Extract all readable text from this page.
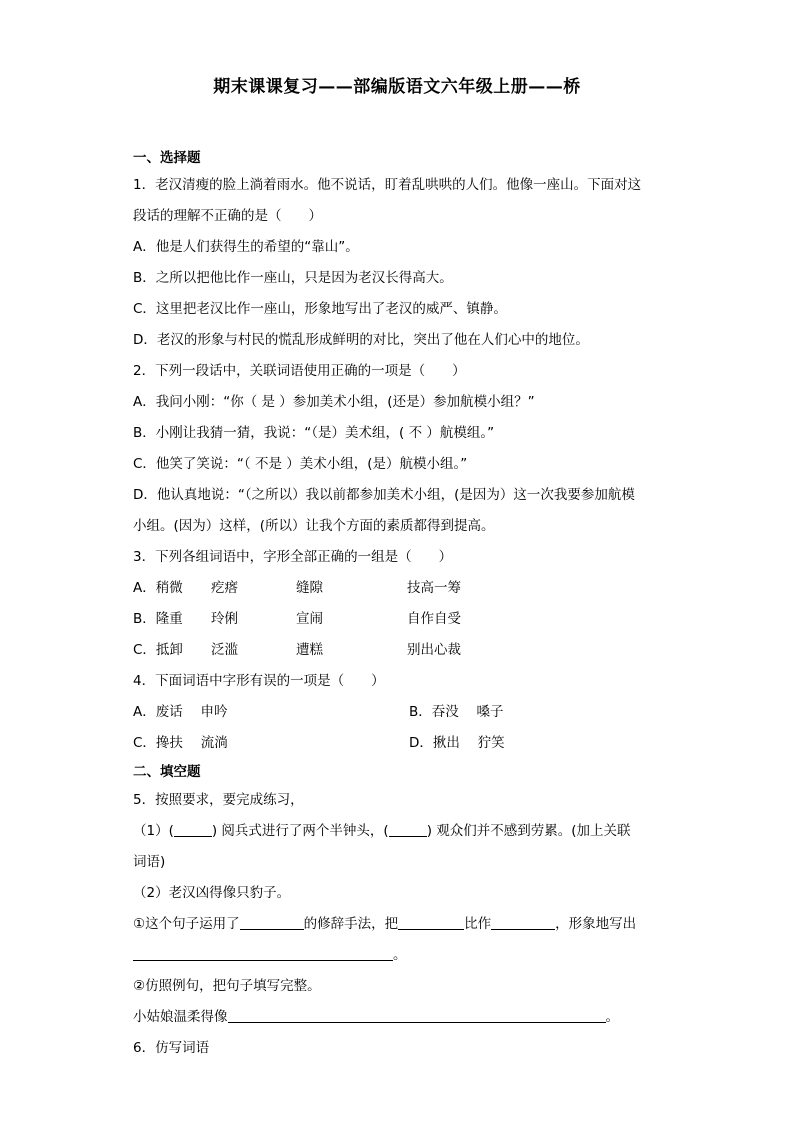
期末课课复习——部编版语文六年级上册——桥
一、选择题
1．老汉清瘦的脸上淌着雨水。他不说话，盯着乱哄哄的人们。他像一座山。下面对这
段话的理解不正确的是（　　）
A．他是人们获得生的希望的“靠山”。
B．之所以把他比作一座山，只是因为老汉长得高大。
C．这里把老汉比作一座山，形象地写出了老汉的威严、镇静。
D．老汉的形象与村民的慌乱形成鲜明的对比，突出了他在人们心中的地位。
2．下列一段话中，关联词语使用正确的一项是（　　）
A．我问小刚：“你（ 是 ）参加美术小组，(还是）参加航模小组？”
B．小刚让我猜一猜，我说：“（是）美术组，( 不 ）航模组。”
C．他笑了笑说：“（ 不是 ）美术小组，(是）航模小组。”
D．他认真地说：“（之所以）我以前都参加美术小组，(是因为）这一次我要参加航模
小组。(因为）这样，(所以）让我个方面的素质都得到提高。
3．下列各组词语中，字形全部正确的一组是（　　）
A．稍微 疙瘩	缝隙	技高一筹
B．隆重 玲俐	宣闹	自作自受
C．抵卸 泛滥	遭糕	别出心裁
4．下面词语中字形有误的一项是（　　）
A．废话　 申吟	B．吞没　 嗓子
C．搀扶　 流淌	D．揪出　 狞笑
二、填空题
5．按照要求，要完成练习，
（1）(	) 阅兵式进行了两个半钟头，(	) 观众们并不感到劳累。(加上关联
词语)
（2）老汉凶得像只豹子。
①这个句子运用了	的修辞手法，把	比作	，形象地写出
。
②仿照例句，把句子填写完整。
小姑娘温柔得像	。
6．仿写词语
